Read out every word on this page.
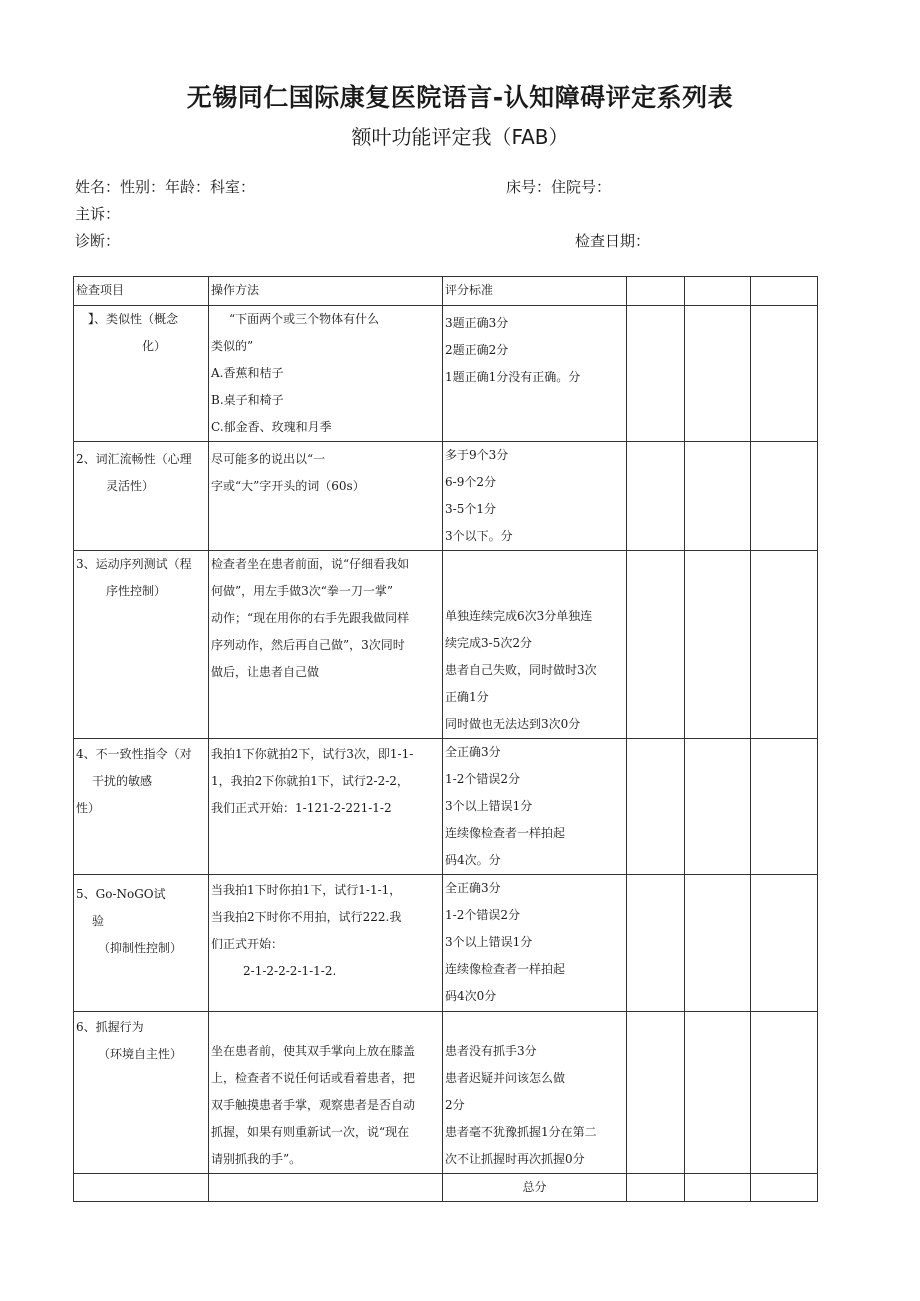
无锡同仁国际康复医院语言-认知障碍评定系列表
额叶功能评定我（FAB）
姓名：性别：年龄：科室：	床号：住院号：
主诉：
诊断：	检查日期：
检查项目	操作方法	评分标准			

】、类似性（概念
化）	“下面两个或三个物体有什么
类似的”
A.香蕉和桔子
B.桌子和椅子
C.郁金香、玫瑰和月季	3题正确3分
2题正确2分
1题正确1分没有正确。分			

2、词汇流畅性（心理
灵活性）	尽可能多的说出以“一
字或“大”字开头的词（60s）	多于9个3分
6-9个2分
3-5个1分
3个以下。分			

3、运动序列测试（程
序性控制）	检查者坐在患者前面，说“仔细看我如
何做”，用左手做3次“拳一刀一掌”
动作；“现在用你的右手先跟我做同样
序列动作，然后再自己做”，3次同时
做后，让患者自己做	单独连续完成6次3分单独连
续完成3-5次2分
患者自己失败，同时做时3次
正确1分
同时做也无法达到3次0分			

4、不一致性指令（对
干扰的敏感
性）	我拍1下你就拍2下，试行3次，即1-1-
1，我拍2下你就拍1下，试行2-2-2，
我们正式开始：1-121-2-221-1-2	全正确3分
1-2个错误2分
3个以上错误1分
连续像检查者一样拍起
码4次。分			

5、Go-NoGO试
验
（抑制性控制）	当我拍1下时你拍1下，试行1-1-1，
当我拍2下时你不用拍，试行222.我
们正式开始：
2-1-2-2-2-1-1-2.	全正确3分
1-2个错误2分
3个以上错误1分
连续像检查者一样拍起
码4次0分			

6、抓握行为
（环境自主性）	坐在患者前，使其双手掌向上放在膝盖
上，检查者不说任何话或看着患者，把
双手触摸患者手掌，观察患者是否自动
抓握，如果有则重新试一次，说“现在
请别抓我的手”。	患者没有抓手3分
患者迟疑并问该怎么做
2分
患者毫不犹豫抓握1分在第二
次不让抓握时再次抓握0分			

		总分			
